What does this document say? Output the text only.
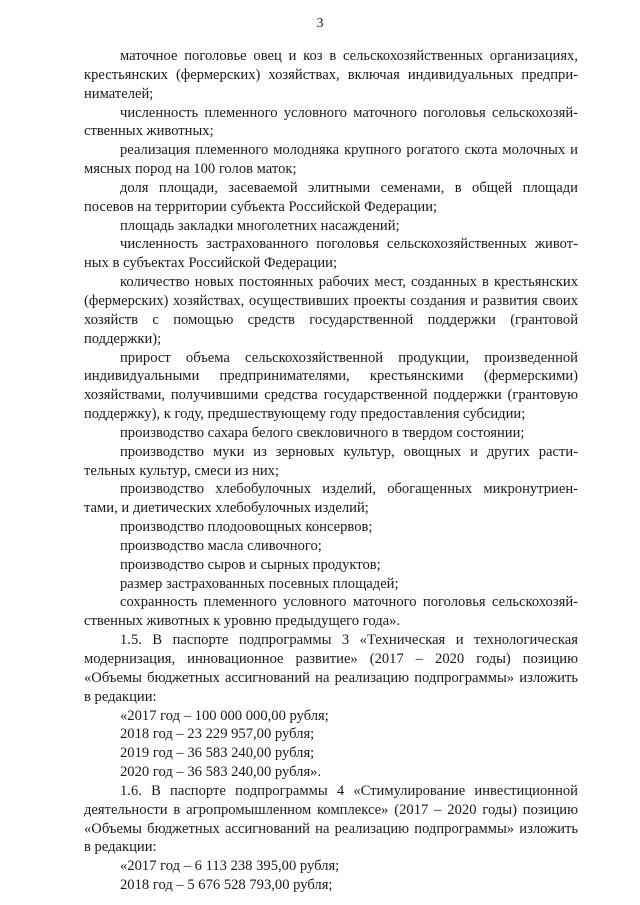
3

маточное поголовье овец и коз в сельскохозяйственных организациях, крестьянских (фермерских) хозяйствах, включая индивидуальных предпри-нимателей;

численность племенного условного маточного поголовья сельскохозяй-ственных животных;

реализация племенного молодняка крупного рогатого скота молочных и мясных пород на 100 голов маток;

доля площади, засеваемой элитными семенами, в общей площади посевов на территории субъекта Российской Федерации;

площадь закладки многолетних насаждений;

численность застрахованного поголовья сельскохозяйственных живот-ных в субъектах Российской Федерации;

количество новых постоянных рабочих мест, созданных в крестьянских (фермерских) хозяйствах, осуществивших проекты создания и развития своих хозяйств с помощью средств государственной поддержки (грантовой поддержки);

прирост объема сельскохозяйственной продукции, произведенной индивидуальными предпринимателями, крестьянскими (фермерскими) хозяйствами, получившими средства государственной поддержки (грантовую поддержку), к году, предшествующему году предоставления субсидии;

производство сахара белого свекловичного в твердом состоянии;

производство муки из зерновых культур, овощных и других расти-тельных культур, смеси из них;

производство хлебобулочных изделий, обогащенных микронутриен-тами, и диетических хлебобулочных изделий;

производство плодоовощных консервов;

производство масла сливочного;

производство сыров и сырных продуктов;

размер застрахованных посевных площадей;

сохранность племенного условного маточного поголовья сельскохозяй-ственных животных к уровню предыдущего года».

1.5. В паспорте подпрограммы 3 «Техническая и технологическая модернизация, инновационное развитие» (2017 – 2020 годы) позицию «Объемы бюджетных ассигнований на реализацию подпрограммы» изложить в редакции:

«2017 год – 100 000 000,00 рубля;

2018 год – 23 229 957,00 рубля;

2019 год – 36 583 240,00 рубля;

2020 год – 36 583 240,00 рубля».

1.6. В паспорте подпрограммы 4 «Стимулирование инвестиционной деятельности в агропромышленном комплексе» (2017 – 2020 годы) позицию «Объемы бюджетных ассигнований на реализацию подпрограммы» изложить в редакции:

«2017 год – 6 113 238 395,00 рубля;

2018 год – 5 676 528 793,00 рубля;
